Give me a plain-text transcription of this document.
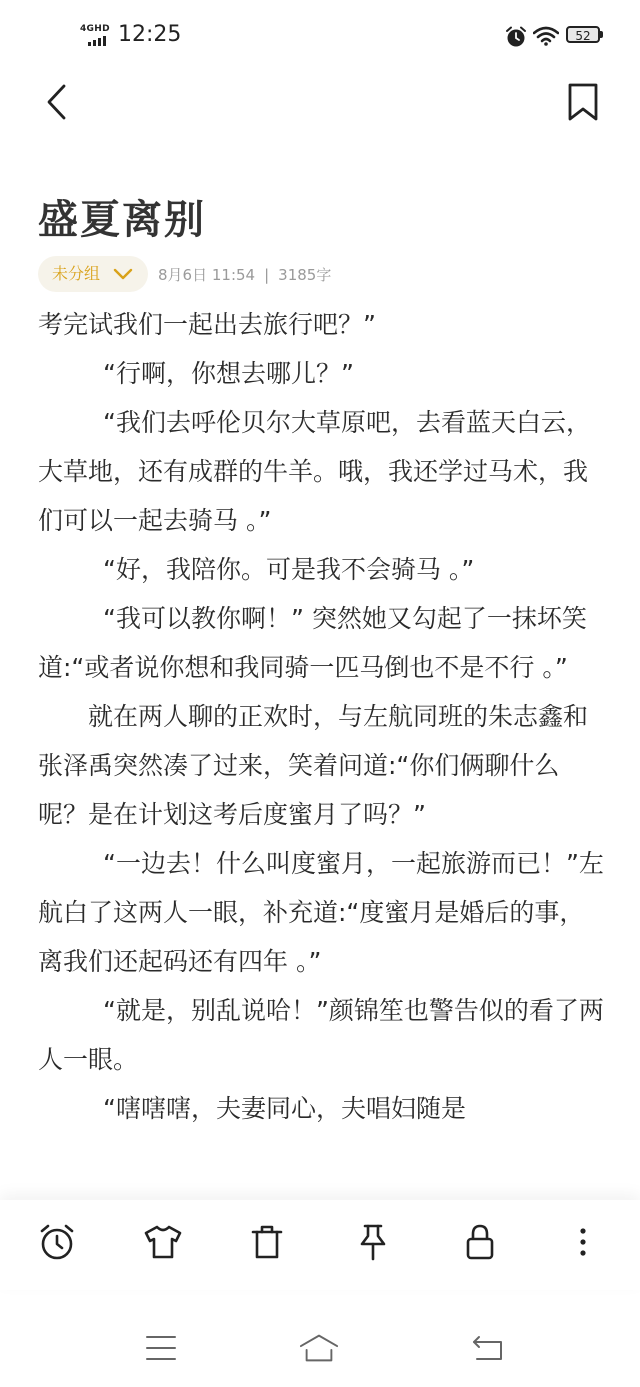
4GHD 12:25	52
盛夏离别
未分组	8月6日 11:54 | 3185字

考完试我们一起出去旅行吧？”

“行啊，你想去哪儿？”

“我们去呼伦贝尔大草原吧，去看蓝天白云，大草地，还有成群的牛羊。哦，我还学过马术，我们可以一起去骑马 。”

“好，我陪你。可是我不会骑马 。”

“我可以教你啊！” 突然她又勾起了一抹坏笑道:“或者说你想和我同骑一匹马倒也不是不行 。”

就在两人聊的正欢时，与左航同班的朱志鑫和张泽禹突然凑了过来，笑着问道:“你们俩聊什么呢？是在计划这考后度蜜月了吗？”

“一边去！什么叫度蜜月，一起旅游而已！”左航白了这两人一眼，补充道:“度蜜月是婚后的事，离我们还起码还有四年 。”

“就是，别乱说哈！”颜锦笙也警告似的看了两人一眼。

“嗐嗐嗐，夫妻同心，夫唱妇随是
